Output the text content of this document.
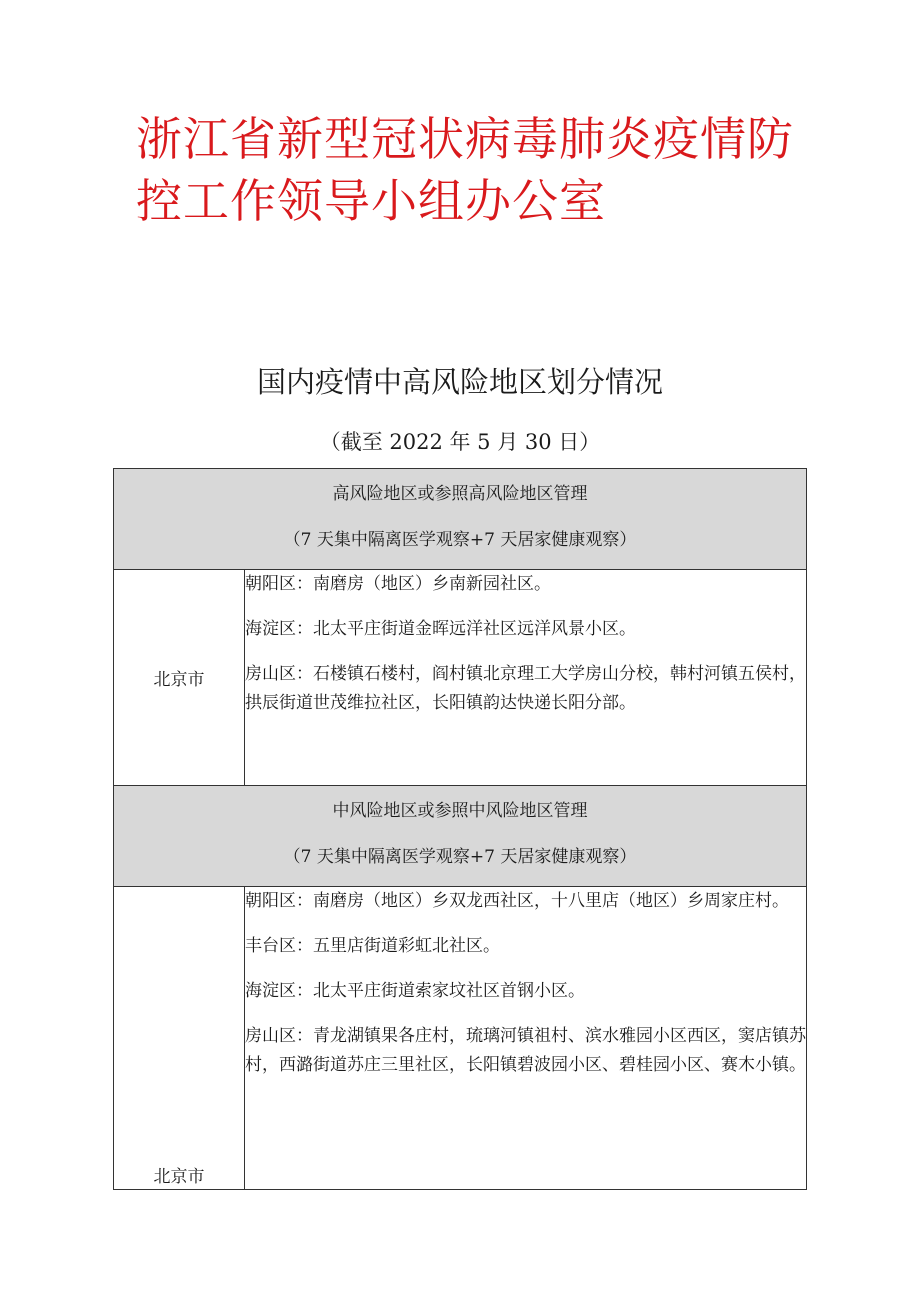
浙江省新型冠状病毒肺炎疫情防
控工作领导小组办公室
国内疫情中高风险地区划分情况
（截至 2022 年 5 月 30 日）
高风险地区或参照高风险地区管理
（7 天集中隔离医学观察+7 天居家健康观察）	

北京市	朝阳区：南磨房（地区）乡南新园社区。

海淀区：北太平庄街道金晖远洋社区远洋风景小区。

房山区：石楼镇石楼村，阎村镇北京理工大学房山分校，韩村河镇五侯村，拱辰街道世茂维拉社区，长阳镇韵达快递长阳分部。

中风险地区或参照中风险地区管理
（7 天集中隔离医学观察+7 天居家健康观察）	

北京市	朝阳区：南磨房（地区）乡双龙西社区，十八里店（地区）乡周家庄村。

丰台区：五里店街道彩虹北社区。

海淀区：北太平庄街道索家坟社区首钢小区。

房山区：青龙湖镇果各庄村，琉璃河镇祖村、滨水雅园小区西区，窦店镇苏村，西潞街道苏庄三里社区，长阳镇碧波园小区、碧桂园小区、赛木小镇。
